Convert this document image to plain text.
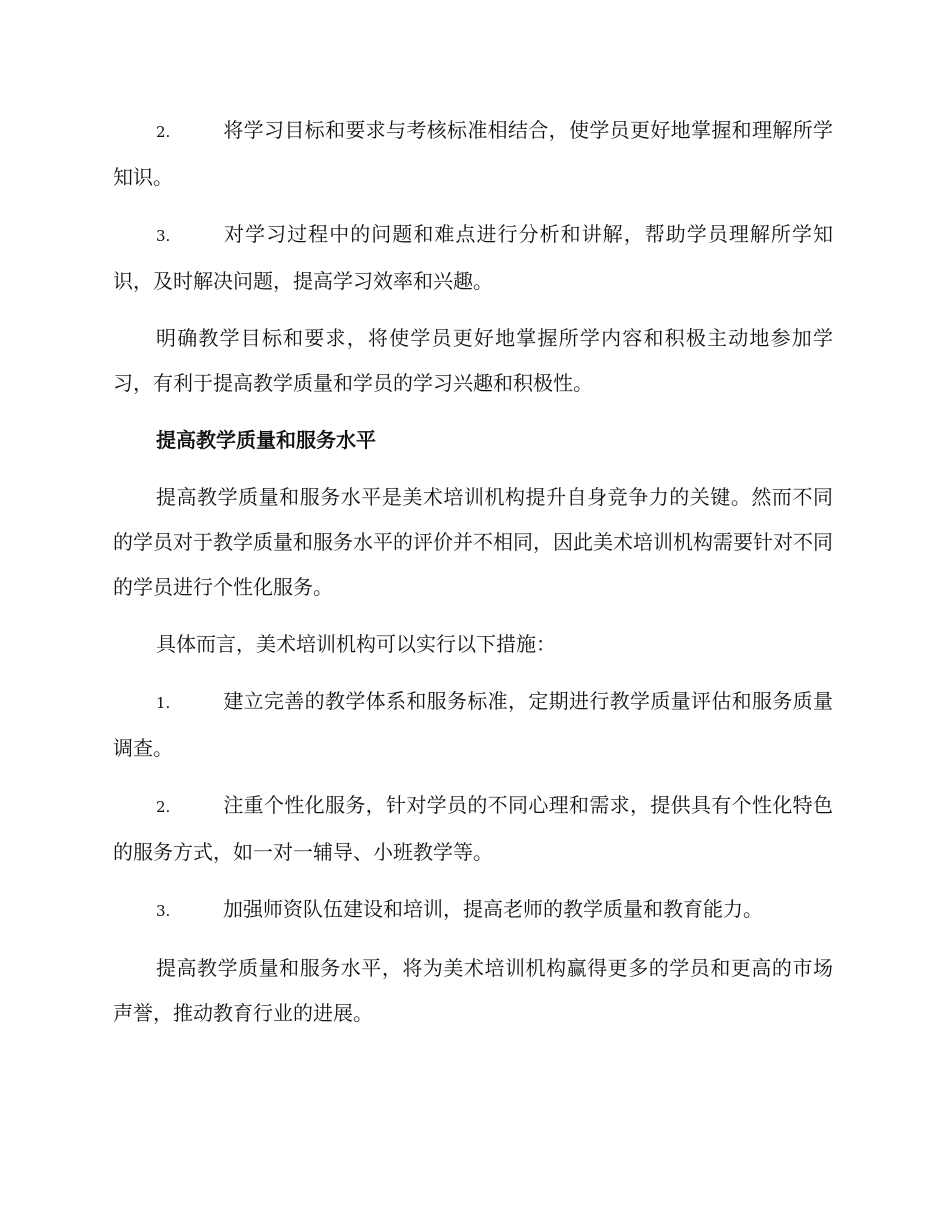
2.	将学习目标和要求与考核标准相结合，使学员更好地掌握和理解所学知识。

3.	对学习过程中的问题和难点进行分析和讲解，帮助学员理解所学知识，及时解决问题，提高学习效率和兴趣。

明确教学目标和要求，将使学员更好地掌握所学内容和积极主动地参加学习，有利于提高教学质量和学员的学习兴趣和积极性。

提高教学质量和服务水平

提高教学质量和服务水平是美术培训机构提升自身竞争力的关键。然而不同的学员对于教学质量和服务水平的评价并不相同，因此美术培训机构需要针对不同的学员进行个性化服务。

具体而言，美术培训机构可以实行以下措施：

1.	建立完善的教学体系和服务标准，定期进行教学质量评估和服务质量调查。

2.	注重个性化服务，针对学员的不同心理和需求，提供具有个性化特色的服务方式，如一对一辅导、小班教学等。

3.	加强师资队伍建设和培训，提高老师的教学质量和教育能力。

提高教学质量和服务水平，将为美术培训机构赢得更多的学员和更高的市场声誉，推动教育行业的进展。
